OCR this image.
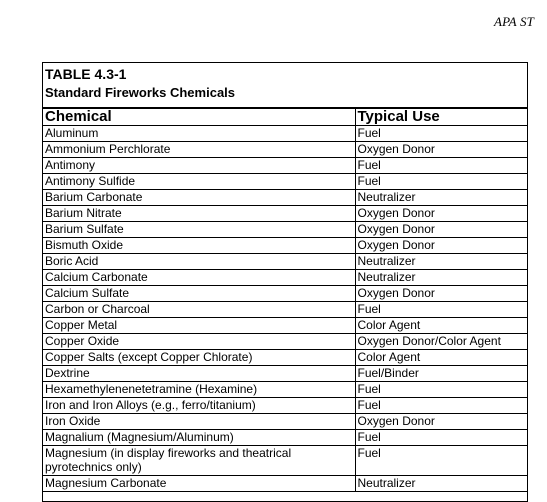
APA ST
TABLE 4.3-1
Standard Fireworks Chemicals
Chemical	Typical Use
Aluminum	Fuel
Ammonium Perchlorate	Oxygen Donor
Antimony	Fuel
Antimony Sulfide	Fuel
Barium Carbonate	Neutralizer
Barium Nitrate	Oxygen Donor
Barium Sulfate	Oxygen Donor
Bismuth Oxide	Oxygen Donor
Boric Acid	Neutralizer
Calcium Carbonate	Neutralizer
Calcium Sulfate	Oxygen Donor
Carbon or Charcoal	Fuel
Copper Metal	Color Agent
Copper Oxide	Oxygen Donor/Color Agent
Copper Salts (except Copper Chlorate)	Color Agent
Dextrine	Fuel/Binder
Hexamethylenenetetramine (Hexamine)	Fuel
Iron and Iron Alloys (e.g., ferro/titanium)	Fuel
Iron Oxide	Oxygen Donor
Magnalium (Magnesium/Aluminum)	Fuel
Magnesium (in display fireworks and theatrical pyrotechnics only)	Fuel
Magnesium Carbonate	Neutralizer
